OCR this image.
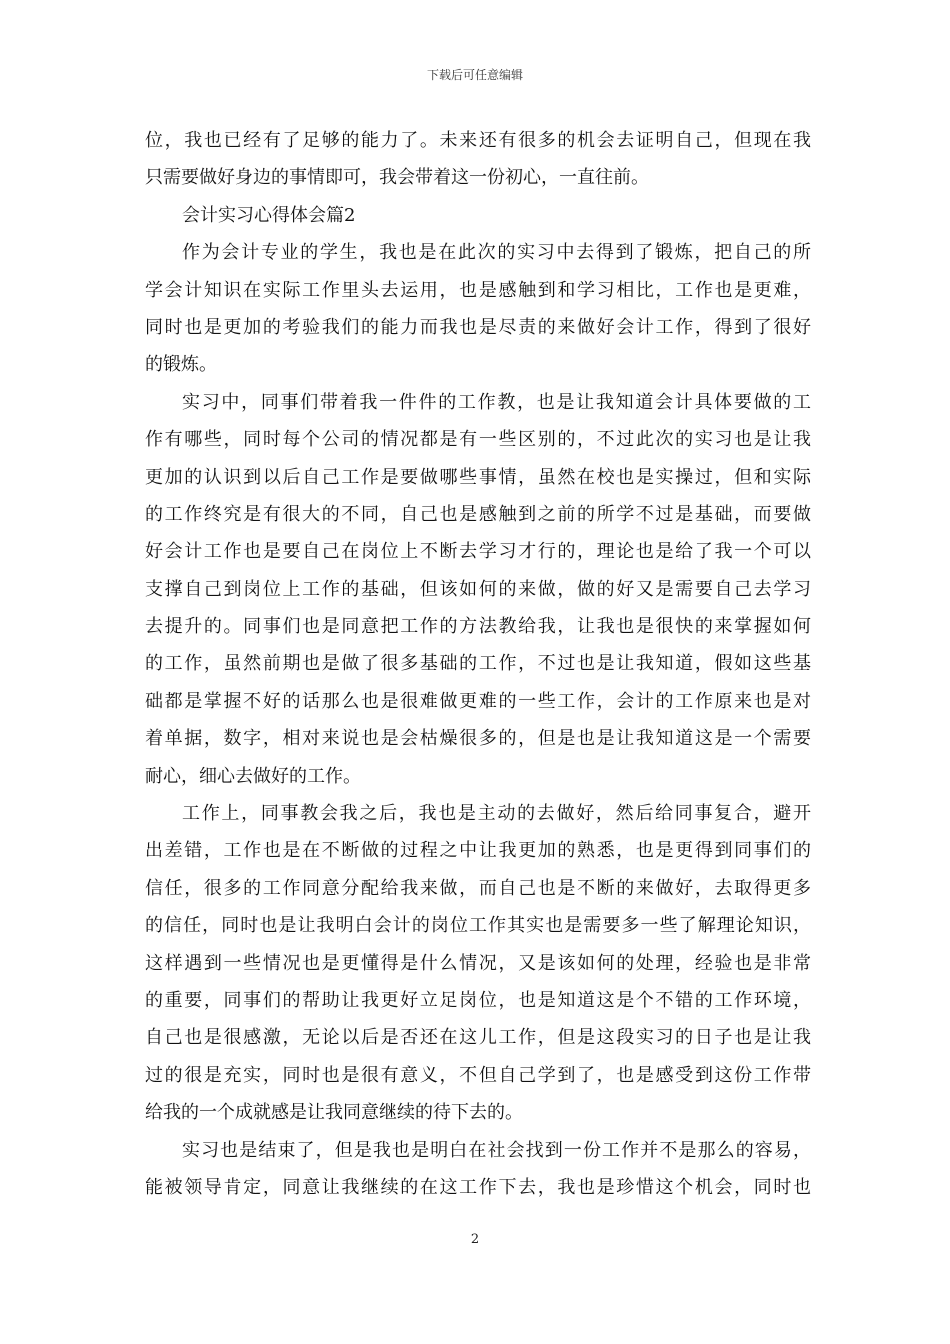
下载后可任意编辑
位，我也已经有了足够的能力了。未来还有很多的机会去证明自己，但现在我
只需要做好身边的事情即可，我会带着这一份初心，一直往前。
会计实习心得体会篇2
作为会计专业的学生，我也是在此次的实习中去得到了锻炼，把自己的所
学会计知识在实际工作里头去运用，也是感触到和学习相比，工作也是更难，
同时也是更加的考验我们的能力而我也是尽责的来做好会计工作，得到了很好
的锻炼。
实习中，同事们带着我一件件的工作教，也是让我知道会计具体要做的工
作有哪些，同时每个公司的情况都是有一些区别的，不过此次的实习也是让我
更加的认识到以后自己工作是要做哪些事情，虽然在校也是实操过，但和实际
的工作终究是有很大的不同，自己也是感触到之前的所学不过是基础，而要做
好会计工作也是要自己在岗位上不断去学习才行的，理论也是给了我一个可以
支撑自己到岗位上工作的基础，但该如何的来做，做的好又是需要自己去学习
去提升的。同事们也是同意把工作的方法教给我，让我也是很快的来掌握如何
的工作，虽然前期也是做了很多基础的工作，不过也是让我知道，假如这些基
础都是掌握不好的话那么也是很难做更难的一些工作，会计的工作原来也是对
着单据，数字，相对来说也是会枯燥很多的，但是也是让我知道这是一个需要
耐心，细心去做好的工作。
工作上，同事教会我之后，我也是主动的去做好，然后给同事复合，避开
出差错，工作也是在不断做的过程之中让我更加的熟悉，也是更得到同事们的
信任，很多的工作同意分配给我来做，而自己也是不断的来做好，去取得更多
的信任，同时也是让我明白会计的岗位工作其实也是需要多一些了解理论知识，
这样遇到一些情况也是更懂得是什么情况，又是该如何的处理，经验也是非常
的重要，同事们的帮助让我更好立足岗位，也是知道这是个不错的工作环境，
自己也是很感激，无论以后是否还在这儿工作，但是这段实习的日子也是让我
过的很是充实，同时也是很有意义，不但自己学到了，也是感受到这份工作带
给我的一个成就感是让我同意继续的待下去的。
实习也是结束了，但是我也是明白在社会找到一份工作并不是那么的容易，
能被领导肯定，同意让我继续的在这工作下去，我也是珍惜这个机会，同时也
2
